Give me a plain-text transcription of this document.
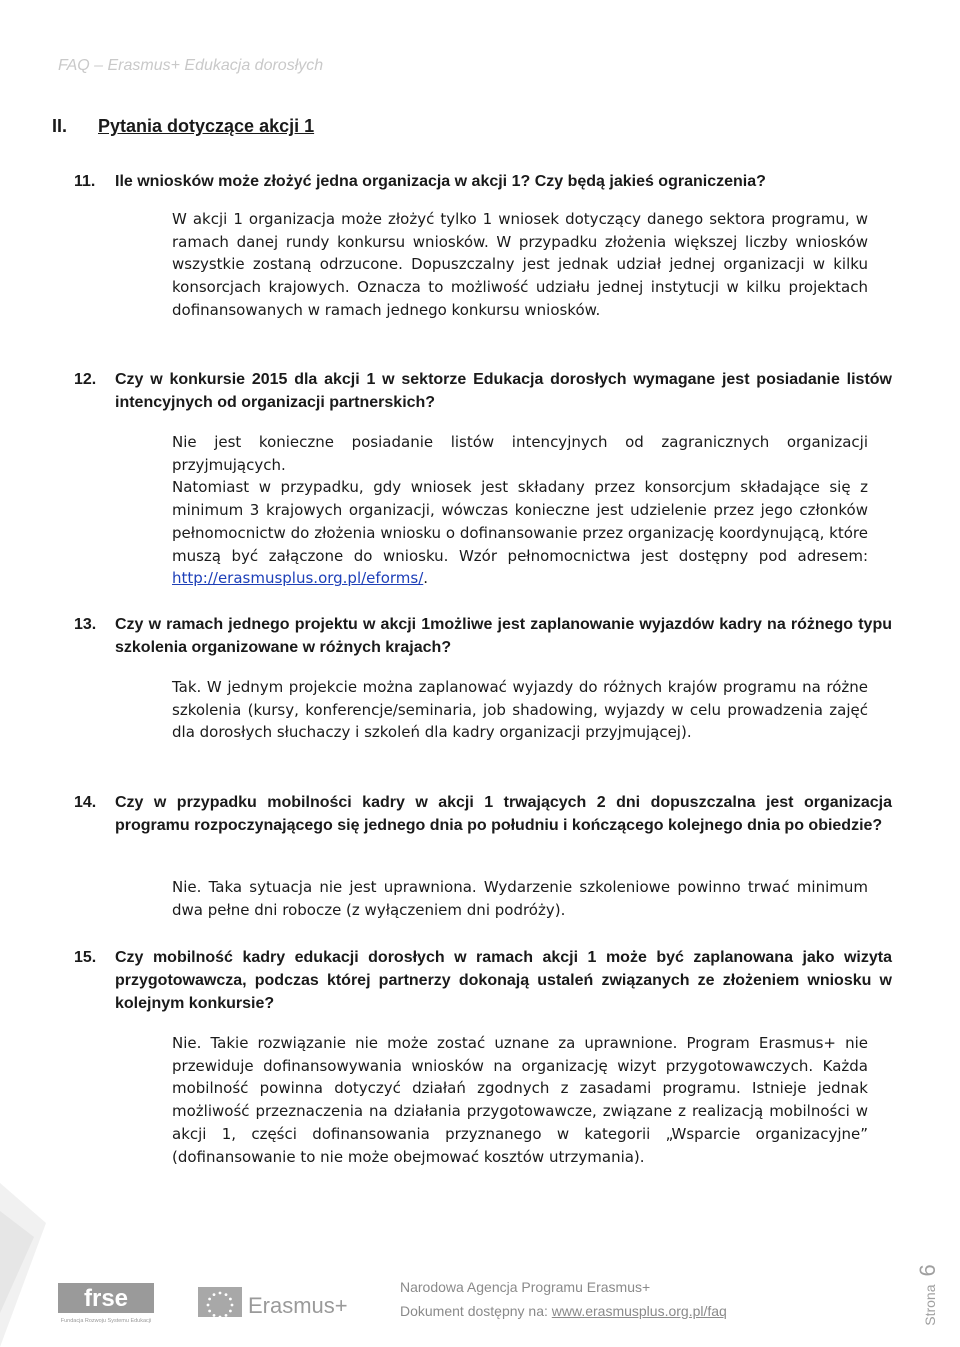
FAQ – Erasmus+ Edukacja dorosłych
II. Pytania dotyczące akcji 1
11. Ile wniosków może złożyć jedna organizacja w akcji 1? Czy będą jakieś ograniczenia?

W akcji 1 organizacja może złożyć tylko 1 wniosek dotyczący danego sektora programu, w ramach danej rundy konkursu wniosków. W przypadku złożenia większej liczby wniosków wszystkie zostaną odrzucone. Dopuszczalny jest jednak udział jednej organizacji w kilku konsorcjach krajowych. Oznacza to możliwość udziału jednej instytucji w kilku projektach dofinansowanych w ramach jednego konkursu wniosków.

12. Czy w konkursie 2015 dla akcji 1 w sektorze Edukacja dorosłych wymagane jest posiadanie listów intencyjnych od organizacji partnerskich?

Nie jest konieczne posiadanie listów intencyjnych od zagranicznych organizacji przyjmujących.

Natomiast w przypadku, gdy wniosek jest składany przez konsorcjum składające się z minimum 3 krajowych organizacji, wówczas konieczne jest udzielenie przez jego członków pełnomocnictw do złożenia wniosku o dofinansowanie przez organizację koordynującą, które muszą być załączone do wniosku. Wzór pełnomocnictwa jest dostępny pod adresem: http://erasmusplus.org.pl/eforms/.

13. Czy w ramach jednego projektu w akcji 1możliwe jest zaplanowanie wyjazdów kadry na różnego typu szkolenia organizowane w różnych krajach?

Tak. W jednym projekcie można zaplanować wyjazdy do różnych krajów programu na różne szkolenia (kursy, konferencje/seminaria, job shadowing, wyjazdy w celu prowadzenia zajęć dla dorosłych słuchaczy i szkoleń dla kadry organizacji przyjmującej).

14. Czy w przypadku mobilności kadry w akcji 1 trwających 2 dni dopuszczalna jest organizacja programu rozpoczynającego się jednego dnia po południu i kończącego kolejnego dnia po obiedzie?

Nie. Taka sytuacja nie jest uprawniona. Wydarzenie szkoleniowe powinno trwać minimum dwa pełne dni robocze (z wyłączeniem dni podróży).

15. Czy mobilność kadry edukacji dorosłych w ramach akcji 1 może być zaplanowana jako wizyta przygotowawcza, podczas której partnerzy dokonają ustaleń związanych ze złożeniem wniosku w kolejnym konkursie?

Nie. Takie rozwiązanie nie może zostać uznane za uprawnione. Program Erasmus+ nie przewiduje dofinansowywania wniosków na organizację wizyt przygotowawczych. Każda mobilność powinna dotyczyć działań zgodnych z zasadami programu. Istnieje jednak możliwość przeznaczenia na działania przygotowawcze, związane z realizacją mobilności w akcji 1, części dofinansowania przyznanego w kategorii „Wsparcie organizacyjne” (dofinansowanie to nie może obejmować kosztów utrzymania).

frse
Fundacja Rozwoju Systemu Edukacji
Erasmus+
Narodowa Agencja Programu Erasmus+
Dokument dostępny na: www.erasmusplus.org.pl/faq	Strona6
